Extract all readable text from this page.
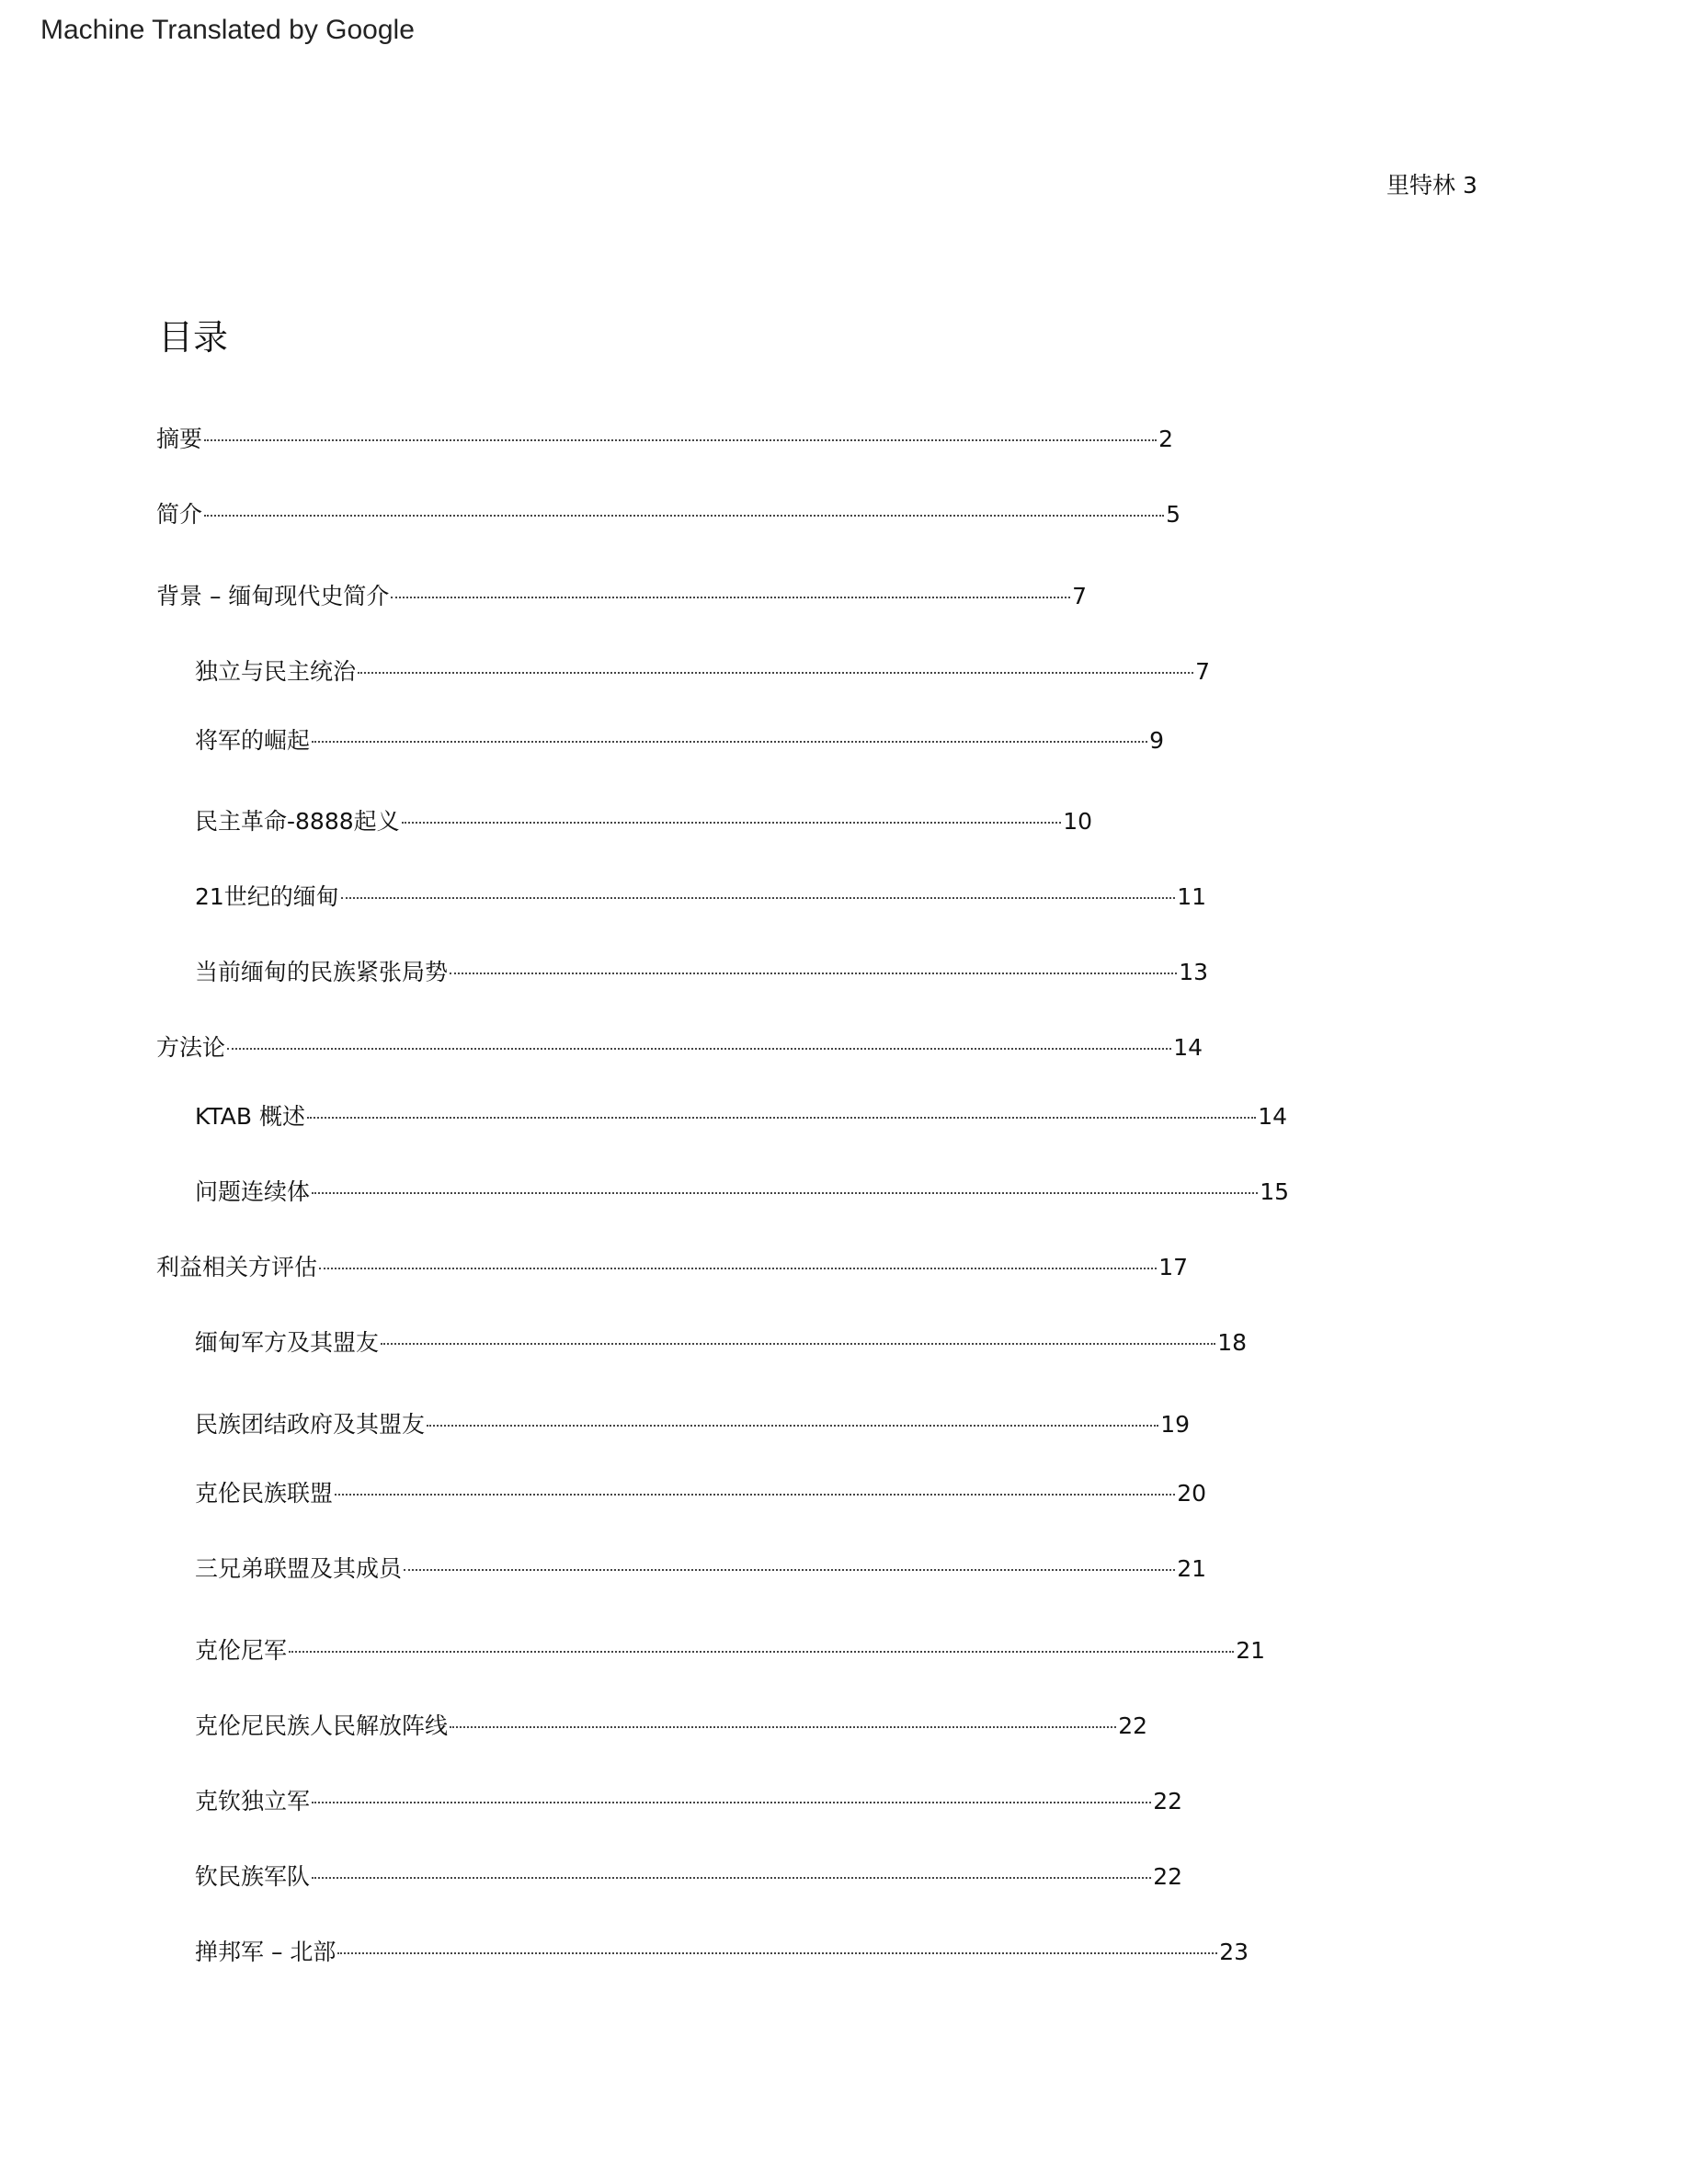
Machine Translated by Google
里特林 3
目录
摘要	2
简介	5
背景 – 缅甸现代史简介	7
独立与民主统治	7
将军的崛起	9
民主革命-8888起义	10
21世纪的缅甸	11
当前缅甸的民族紧张局势	13
方法论	14
KTAB 概述	14
问题连续体	15
利益相关方评估	17
缅甸军方及其盟友	18
民族团结政府及其盟友	19
克伦民族联盟	20
三兄弟联盟及其成员	21
克伦尼军	21
克伦尼民族人民解放阵线	22
克钦独立军	22
钦民族军队	22
掸邦军 – 北部	23
